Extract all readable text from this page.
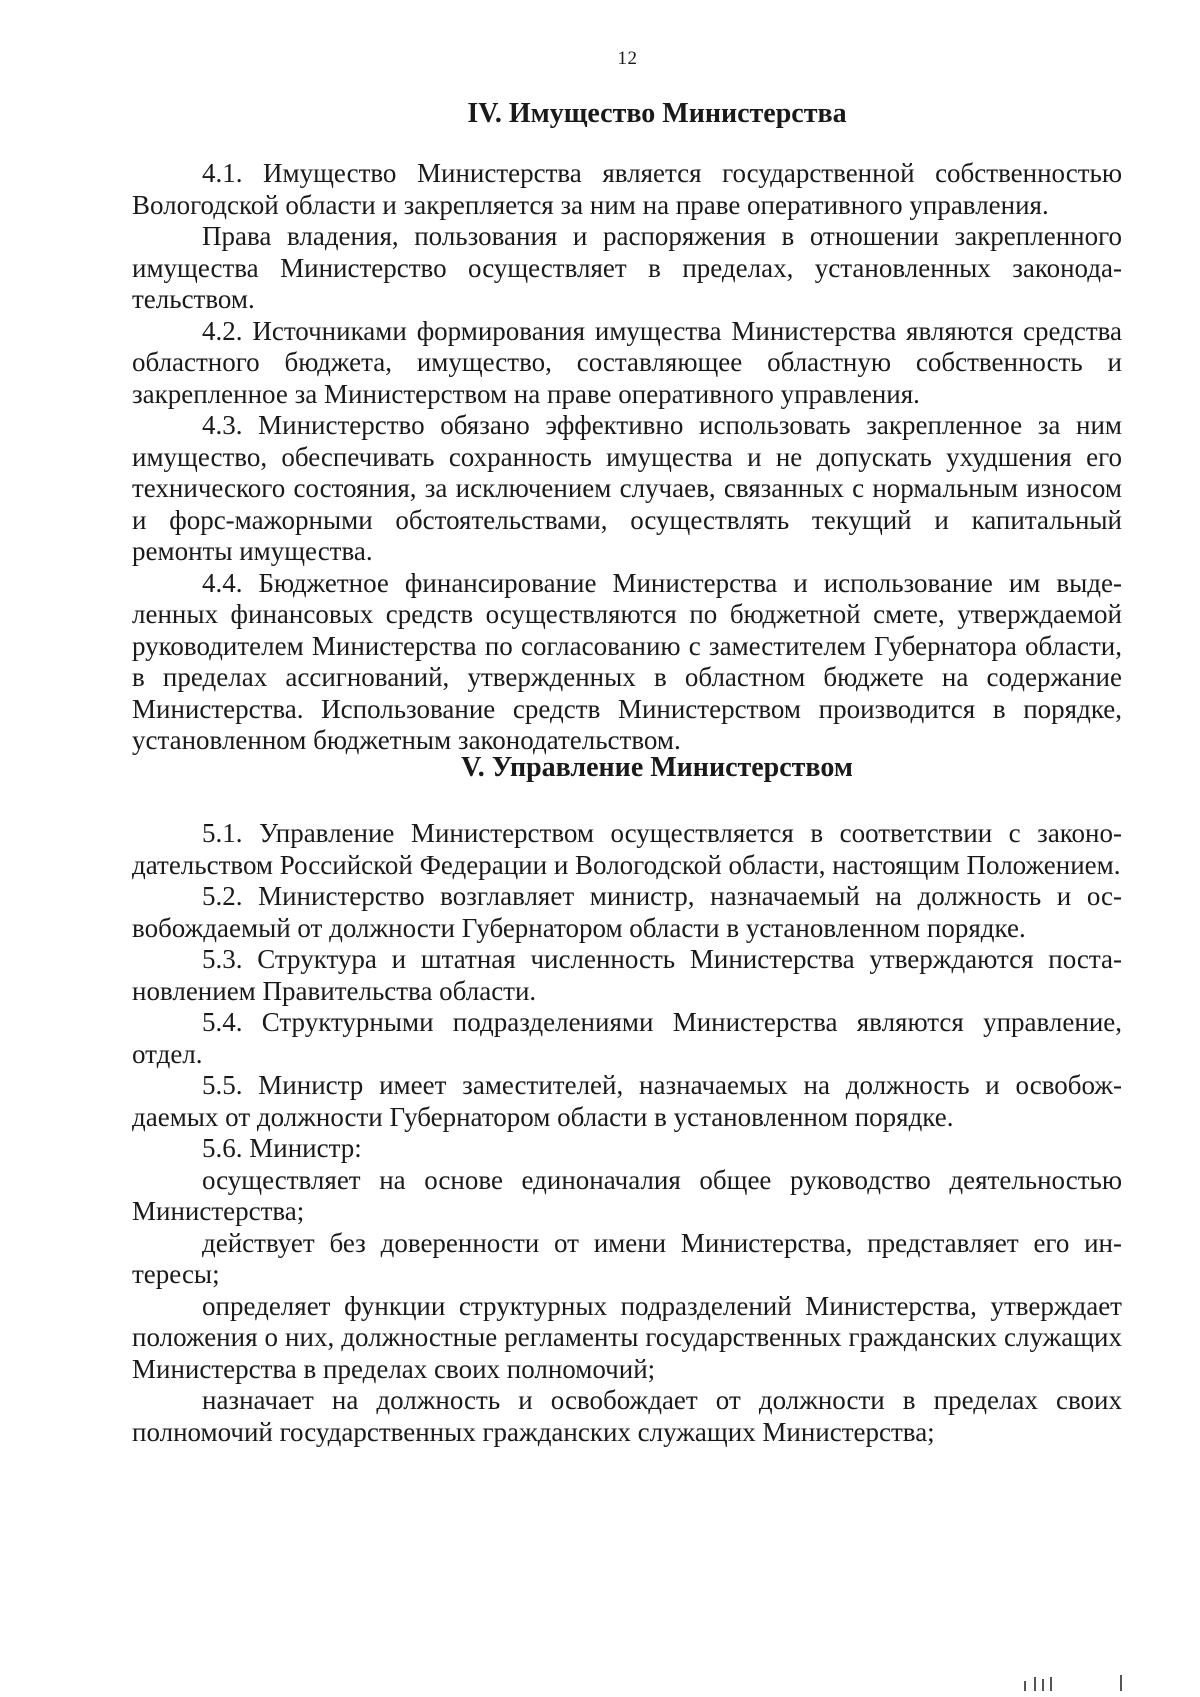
12
IV. Имущество Министерства

4.1. Имущество Министерства является государственной собственностью Вологодской области и закрепляется за ним на праве оперативного управления.

Права владения, пользования и распоряжения в отношении закрепленного имущества Министерство осуществляет в пределах, установленных законодательством.

4.2. Источниками формирования имущества Министерства являются средства областного бюджета, имущество, составляющее областную собственность и закрепленное за Министерством на праве оперативного управления.

4.3. Министерство обязано эффективно использовать закрепленное за ним имущество, обеспечивать сохранность имущества и не допускать ухудшения его технического состояния, за исключением случаев, связанных с нормальным износом и форс-мажорными обстоятельствами, осуществлять текущий и капитальный ремонты имущества.

4.4. Бюджетное финансирование Министерства и использование им выделенных финансовых средств осуществляются по бюджетной смете, утверждаемой руководителем Министерства по согласованию с заместителем Губернатора области, в пределах ассигнований, утвержденных в областном бюджете на содержание Министерства. Использование средств Министерством производится в порядке, установленном бюджетным законодательством.

V. Управление Министерством

5.1. Управление Министерством осуществляется в соответствии с законодательством Российской Федерации и Вологодской области, настоящим Положением.

5.2. Министерство возглавляет министр, назначаемый на должность и освобождаемый от должности Губернатором области в установленном порядке.

5.3. Структура и штатная численность Министерства утверждаются постановлением Правительства области.

5.4. Структурными подразделениями Министерства являются управление, отдел.

5.5. Министр имеет заместителей, назначаемых на должность и освобождаемых от должности Губернатором области в установленном порядке.

5.6. Министр:

осуществляет на основе единоначалия общее руководство деятельностью Министерства;

действует без доверенности от имени Министерства, представляет его интересы;

определяет функции структурных подразделений Министерства, утверждает положения о них, должностные регламенты государственных гражданских служащих Министерства в пределах своих полномочий;

назначает на должность и освобождает от должности в пределах своих полномочий государственных гражданских служащих Министерства;
